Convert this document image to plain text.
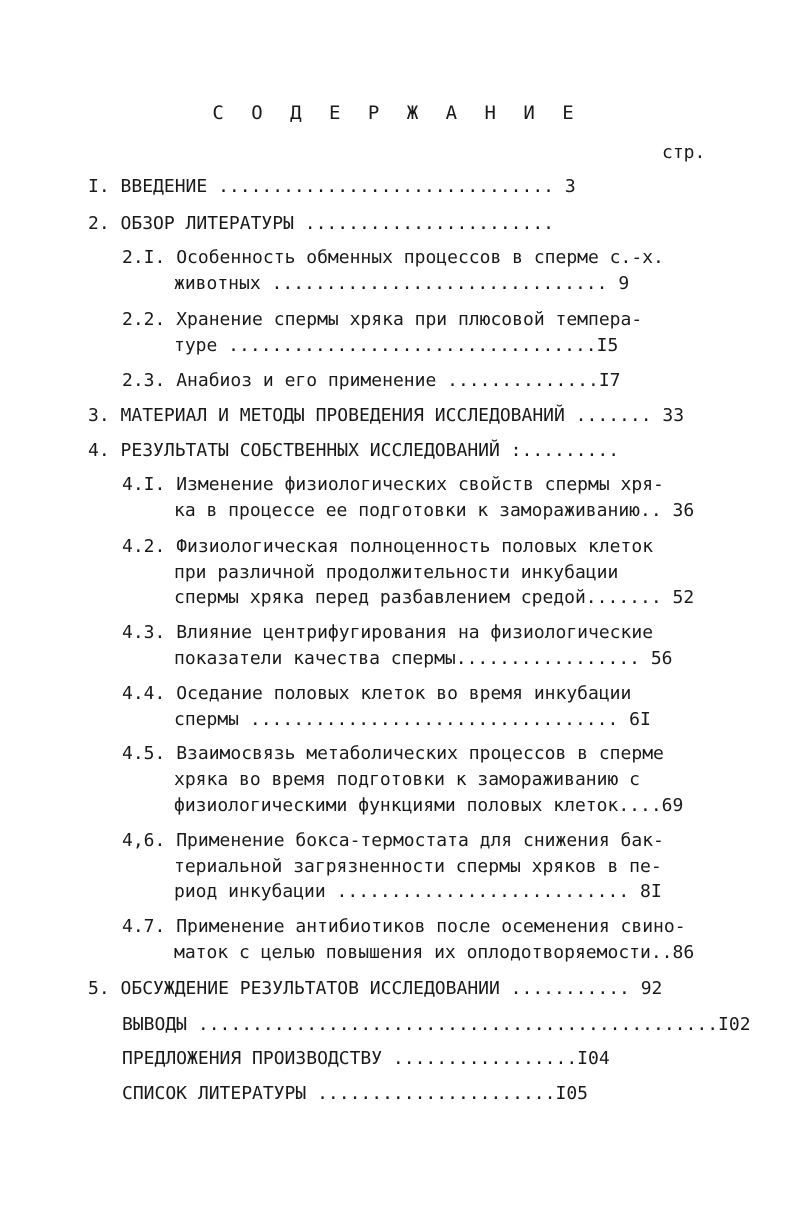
С О Д Е Р Ж А Н И Е
стр.
I. ВВЕДЕНИЕ ............................... 3
2. ОБЗОР ЛИТЕРАТУРЫ .......................
2.I. Особенность обменных процессов в сперме с.-х.
животных ............................... 9
2.2. Хранение спермы хряка при плюсовой темпера-
туре ..................................I5
2.3. Анабиоз и его применение ..............I7
3. МАТЕРИАЛ И МЕТОДЫ ПРОВЕДЕНИЯ ИССЛЕДОВАНИЙ ....... 33
4. РЕЗУЛЬТАТЫ СОБСТВЕННЫХ ИССЛЕДОВАНИЙ :.........
4.I. Изменение физиологических свойств спермы хря-
ка в процессе ее подготовки к замораживанию.. 36
4.2. Физиологическая полноценность половых клеток
при различной продолжительности инкубации
спермы хряка перед разбавлением средой....... 52
4.3. Влияние центрифугирования на физиологические
показатели качества спермы................. 56
4.4. Оседание половых клеток во время инкубации
спермы .................................. 6I
4.5. Взаимосвязь метаболических процессов в сперме
хряка во время подготовки к замораживанию с
физиологическими функциями половых клеток....69
4,6. Применение бокса-термостата для снижения бак-
териальной загрязненности спермы хряков в пе-
риод инкубации ........................... 8I
4.7. Применение антибиотиков после осеменения свино-
маток с целью повышения их оплодотворяемости..86
5. ОБСУЖДЕНИЕ РЕЗУЛЬТАТОВ ИССЛЕДОВАНИИ ........... 92
ВЫВОДЫ ................................................I02
ПРЕДЛОЖЕНИЯ ПРОИЗВОДСТВУ .................I04
СПИСОК ЛИТЕРАТУРЫ ......................I05
